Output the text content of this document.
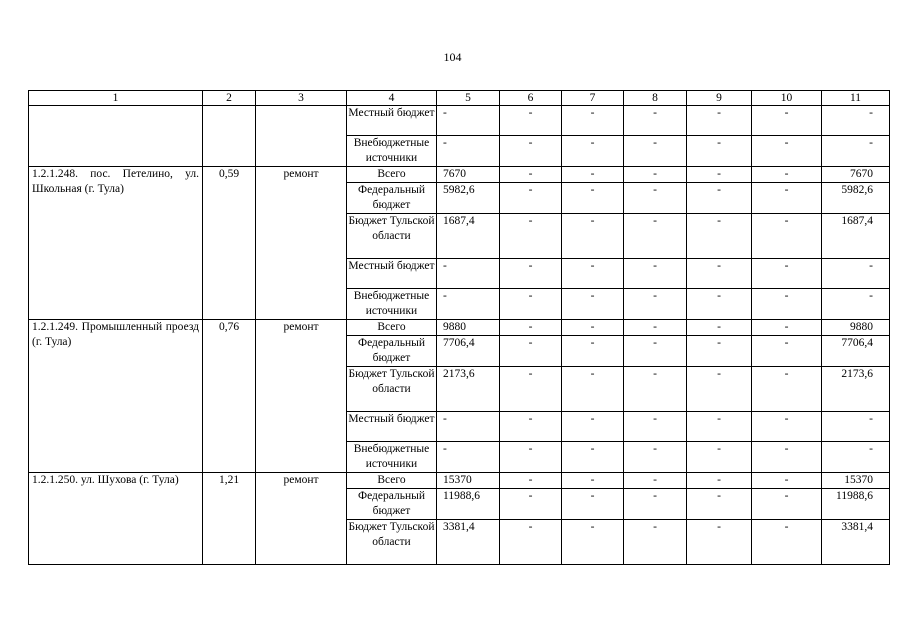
104
1	2	3	4	5	6	7	8	9	10	11
			Местный бюджет	-	-	-	-	-	-	-
			Внебюджетные источники	-	-	-	-	-	-	-
1.2.1.248. пос. Петелино, ул. Школьная (г. Тула)	0,59	ремонт	Всего	7670	-	-	-	-	-	7670
			Федеральный бюджет	5982,6	-	-	-	-	-	5982,6
			Бюджет Тульской области	1687,4	-	-	-	-	-	1687,4
			Местный бюджет	-	-	-	-	-	-	-
			Внебюджетные источники	-	-	-	-	-	-	-
1.2.1.249. Промышленный проезд (г. Тула)	0,76	ремонт	Всего	9880	-	-	-	-	-	9880
			Федеральный бюджет	7706,4	-	-	-	-	-	7706,4
			Бюджет Тульской области	2173,6	-	-	-	-	-	2173,6
			Местный бюджет	-	-	-	-	-	-	-
			Внебюджетные источники	-	-	-	-	-	-	-
1.2.1.250. ул. Шухова (г. Тула)	1,21	ремонт	Всего	15370	-	-	-	-	-	15370
			Федеральный бюджет	11988,6	-	-	-	-	-	11988,6
			Бюджет Тульской области	3381,4	-	-	-	-	-	3381,4
